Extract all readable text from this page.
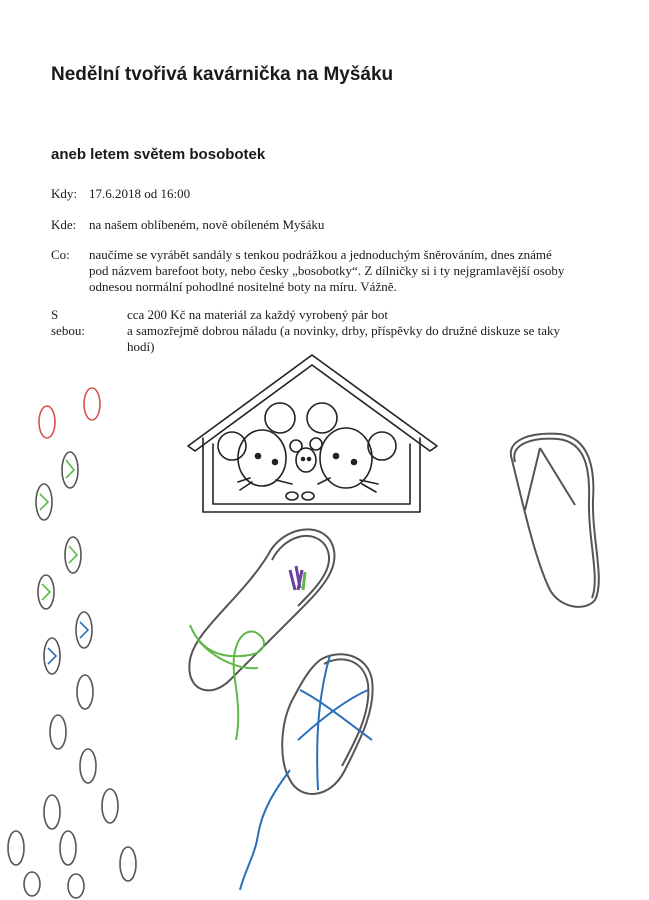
Nedělní tvořivá kavárnička na Myšáku
aneb letem světem bosobotek
Kdy: 17.6.2018 od 16:00
Kde: na našem oblíbeném, nově obíleném Myšáku
Co: naučíme se vyrábět sandály s tenkou podrážkou a jednoduchým šněrováním, dnes známé
pod názvem barefoot boty, nebo česky „bosobotky“. Z dílničky si i ty nejgramlavější osoby
odnesou normální pohodlné nositelné boty na míru. Vážně.
S sebou:
cca 200 Kč na materiál za každý vyrobený pár bot
a samozřejmě dobrou náladu (a novinky, drby, příspěvky do družné diskuze se taky
hodí)
